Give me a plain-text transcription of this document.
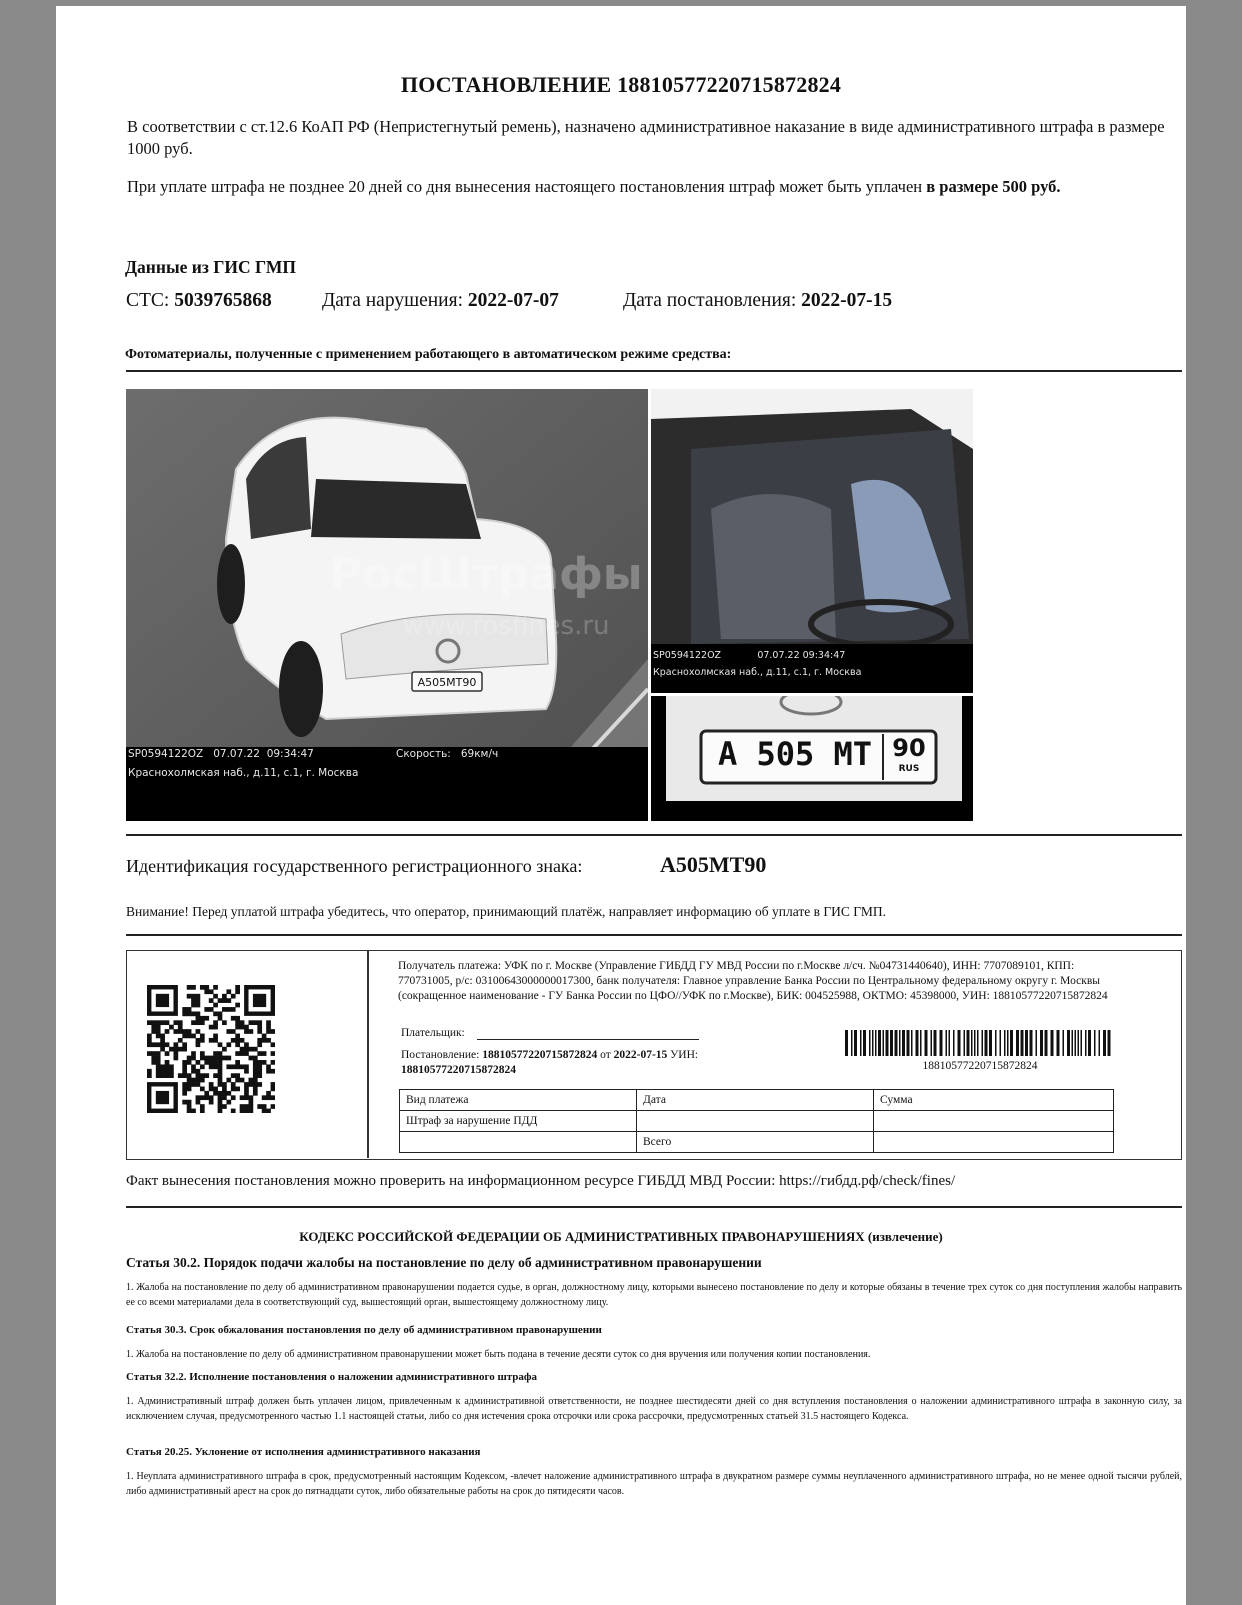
ПОСТАНОВЛЕНИЕ 18810577220715872824
В соответствии с ст.12.6 КоАП РФ (Непристегнутый ремень), назначено административное наказание в виде административного штрафа в размере 1000 руб.
При уплате штрафа не позднее 20 дней со дня вынесения настоящего постановления штраф может быть уплачен в размере 500 руб.
Данные из ГИС ГМП
СТС: 5039765868	Дата нарушения: 2022-07-07	Дата постановления: 2022-07-15
Фотоматериалы, полученные с применением работающего в автоматическом режиме средства:
А505МТ90
РосШтрафы
www.rosfines.ru
SP0594122OZ 07.07.22 09:34:47	Скорость: 69км/ч
Краснохолмская наб., д.11, с.1, г. Москва
SP0594122OZ	07.07.22 09:34:47
Краснохолмская наб., д.11, с.1, г. Москва
А 505 МТ 90
RUS
Идентификация государственного регистрационного знака:	А505МТ90
Внимание! Перед уплатой штрафа убедитесь, что оператор, принимающий платёж, направляет информацию об уплате в ГИС ГМП.
Получатель платежа: УФК по г. Москве (Управление ГИБДД ГУ МВД России по г.Москве л/сч. №04731440640), ИНН: 7707089101, КПП: 770731005, р/с: 03100643000000017300, банк получателя: Главное управление Банка России по Центральному федеральному округу г. Москвы (сокращенное наименование - ГУ Банка России по ЦФО//УФК по г.Москве), БИК: 004525988, ОКТМО: 45398000, УИН: 18810577220715872824
Плательщик:
Постановление: 18810577220715872824 от 2022-07-15 УИН:
18810577220715872824	18810577220715872824
Вид платежа	Дата	Сумма
Штраф за нарушение ПДД		
	Всего	
Факт вынесения постановления можно проверить на информационном ресурсе ГИБДД МВД России: https://гибдд.рф/check/fines/
КОДЕКС РОССИЙСКОЙ ФЕДЕРАЦИИ ОБ АДМИНИСТРАТИВНЫХ ПРАВОНАРУШЕНИЯХ (извлечение)
Статья 30.2. Порядок подачи жалобы на постановление по делу об административном правонарушении
1. Жалоба на постановление по делу об административном правонарушении подается судье, в орган, должностному лицу, которыми вынесено постановление по делу и которые обязаны в течение трех суток со дня поступления жалобы направить ее со всеми материалами дела в соответствующий суд, вышестоящий орган, вышестоящему должностному лицу.
Статья 30.3. Срок обжалования постановления по делу об административном правонарушении
1. Жалоба на постановление по делу об административном правонарушении может быть подана в течение десяти суток со дня вручения или получения копии постановления.
Статья 32.2. Исполнение постановления о наложении административного штрафа
1. Административный штраф должен быть уплачен лицом, привлеченным к административной ответственности, не позднее шестидесяти дней со дня вступления постановления о наложении административного штрафа в законную силу, за исключением случая, предусмотренного частью 1.1 настоящей статьи, либо со дня истечения срока отсрочки или срока рассрочки, предусмотренных статьей 31.5 настоящего Кодекса.
Статья 20.25. Уклонение от исполнения административного наказания
1. Неуплата административного штрафа в срок, предусмотренный настоящим Кодексом, -влечет наложение административного штрафа в двукратном размере суммы неуплаченного административного штрафа, но не менее одной тысячи рублей, либо административный арест на срок до пятнадцати суток, либо обязательные работы на срок до пятидесяти часов.
